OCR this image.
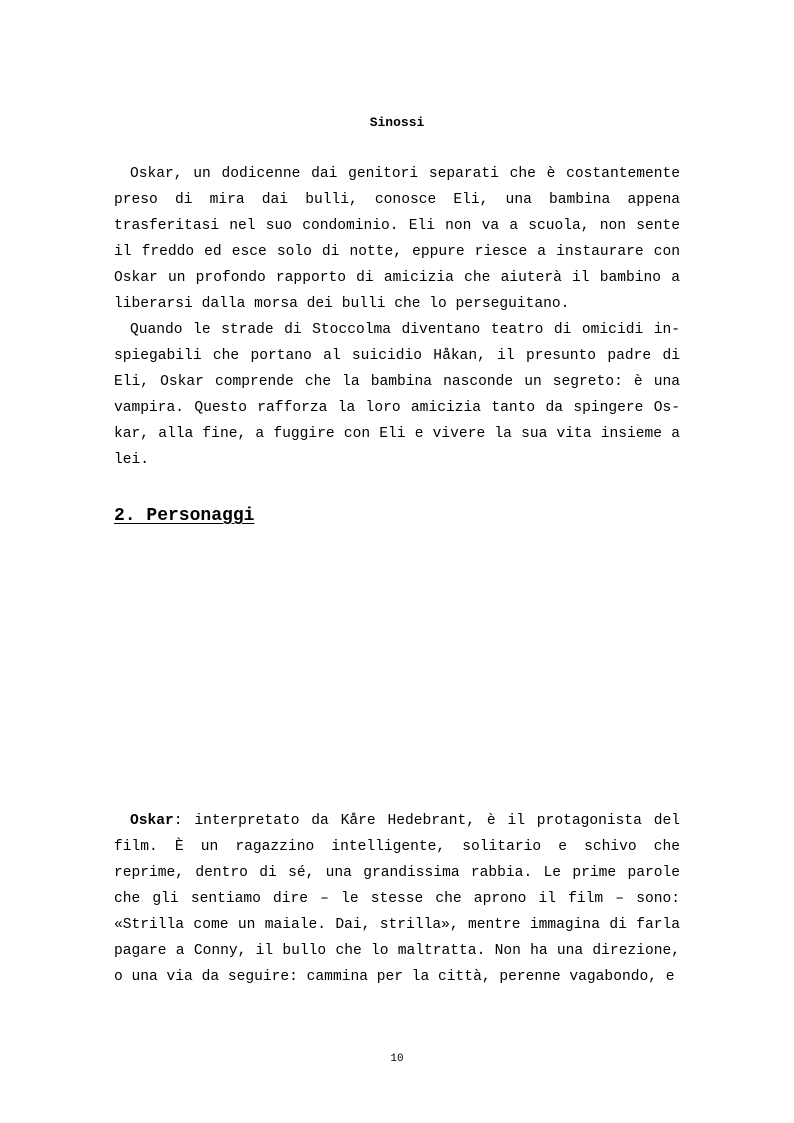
Sinossi

Oskar, un dodicenne dai genitori separati che è costantemente preso di mira dai bulli, conosce Eli, una bambina appena trasferitasi nel suo condominio. Eli non va a scuola, non sente il freddo ed esce solo di notte, eppure riesce a instaurare con Oskar un profondo rapporto di amicizia che aiuterà il bambino a liberarsi dalla morsa dei bulli che lo perseguitano.

Quando le strade di Stoccolma diventano teatro di omicidi in-spiegabili che portano al suicidio Håkan, il presunto padre di Eli, Oskar comprende che la bambina nasconde un segreto: è una vampira. Questo rafforza la loro amicizia tanto da spingere Os-kar, alla fine, a fuggire con Eli e vivere la sua vita insieme a lei.

2. Personaggi

Oskar: interpretato da Kåre Hedebrant, è il protagonista del film. È un ragazzino intelligente, solitario e schivo che reprime, dentro di sé, una grandissima rabbia. Le prime parole che gli sentiamo dire – le stesse che aprono il film – sono: «Strilla come un maiale. Dai, strilla», mentre immagina di farla pagare a Conny, il bullo che lo maltratta. Non ha una direzione, o una via da seguire: cammina per la città, perenne vagabondo, e

10
